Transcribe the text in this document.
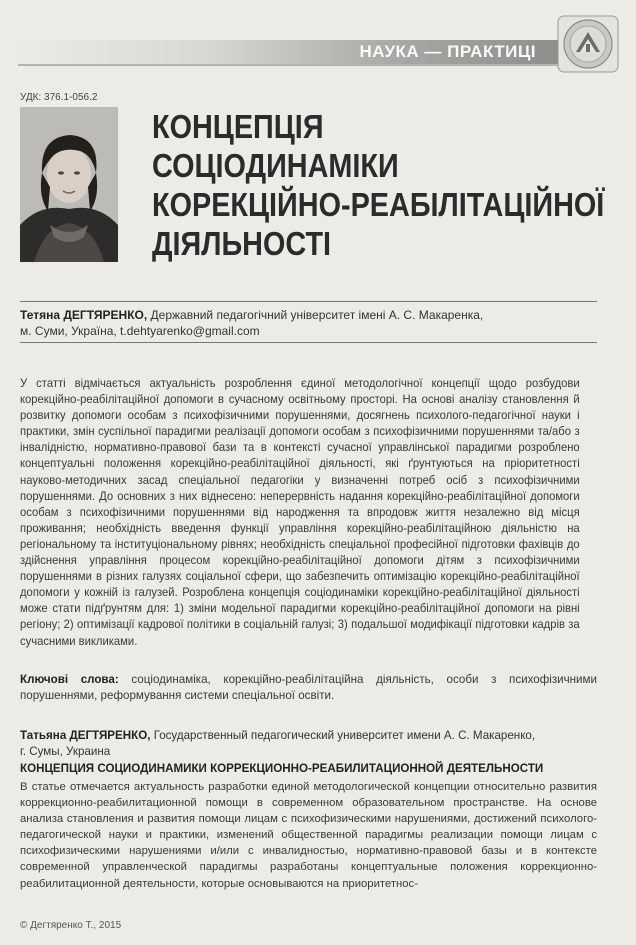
НАУКА — ПРАКТИЦІ
УДК: 376.1-056.2
КОНЦЕПЦІЯ
СОЦІОДИНАМІКИ
КОРЕКЦІЙНО-РЕАБІЛІТАЦІЙНОЇ
ДІЯЛЬНОСТІ
Тетяна ДЕГТЯРЕНКО, Державний педагогічний університет імені А. С. Макаренка,
м. Суми, Україна, t.dehtyarenko@gmail.com
У статті відмічається актуальність розроблення єдиної методологічної концепції щодо розбудови корекційно-реабілітаційної допомоги в сучасному освітньому просторі. На основі аналізу становлення й розвитку допомоги особам з психофізичними порушеннями, досягнень психолого-педагогічної науки і практики, змін суспільної парадигми реалізації допомоги особам з психофізичними порушеннями та/або з інвалідністю, нормативно-правової бази та в контексті сучасної управлінської парадигми розроблено концептуальні положення корекційно-реабілітаційної діяльності, які ґрунтуються на пріоритетності науково-методичних засад спеціальної педагогіки у визначенні потреб осіб з психофізичними порушеннями. До основних з них віднесено: неперервність надання корекційно-реабілітаційної допомоги особам з психофізичними порушеннями від народження та впродовж життя незалежно від місця проживання; необхідність введення функції управління корекційно-реабілітаційною діяльністю на регіональному та інституціональному рівнях; необхідність спеціальної професійної підготовки фахівців до здійснення управління процесом корекційно-реабілітаційної допомоги дітям з психофізичними порушеннями в різних галузях соціальної сфери, що забезпечить оптимізацію корекційно-реабілітаційної допомоги у кожній із галузей. Розроблена концепція соціодинаміки корекційно-реабілітаційної діяльності може стати підґрунтям для: 1) зміни модельної парадигми корекційно-реабілітаційної допомоги на рівні регіону; 2) оптимізації кадрової політики в соціальній галузі; 3) подальшої модифікації підготовки кадрів за сучасними викликами.
Ключові слова: соціодинаміка, корекційно-реабілітаційна діяльність, особи з психофізичними порушеннями, реформування системи спеціальної освіти.
Татьяна ДЕГТЯРЕНКО, Государственный педагогический университет имени А. С. Макаренко,
г. Сумы, Украина
КОНЦЕПЦИЯ СОЦИОДИНАМИКИ КОРРЕКЦИОННО-РЕАБИЛИТАЦИОННОЙ ДЕЯТЕЛЬНОСТИ
В статье отмечается актуальность разработки единой методологической концепции относительно развития коррекционно-реабилитационной помощи в современном образовательном пространстве. На основе анализа становления и развития помощи лицам с психофизическими нарушениями, достижений психолого-педагогической науки и практики, изменений общественной парадигмы реализации помощи лицам с психофизическими нарушениями и/или с инвалидностью, нормативно-правовой базы и в контексте современной управленческой парадигмы разработаны концептуальные положения коррекционно-реабилитационной деятельности, которые основываются на приоритетнос-
© Дегтяренко Т., 2015
